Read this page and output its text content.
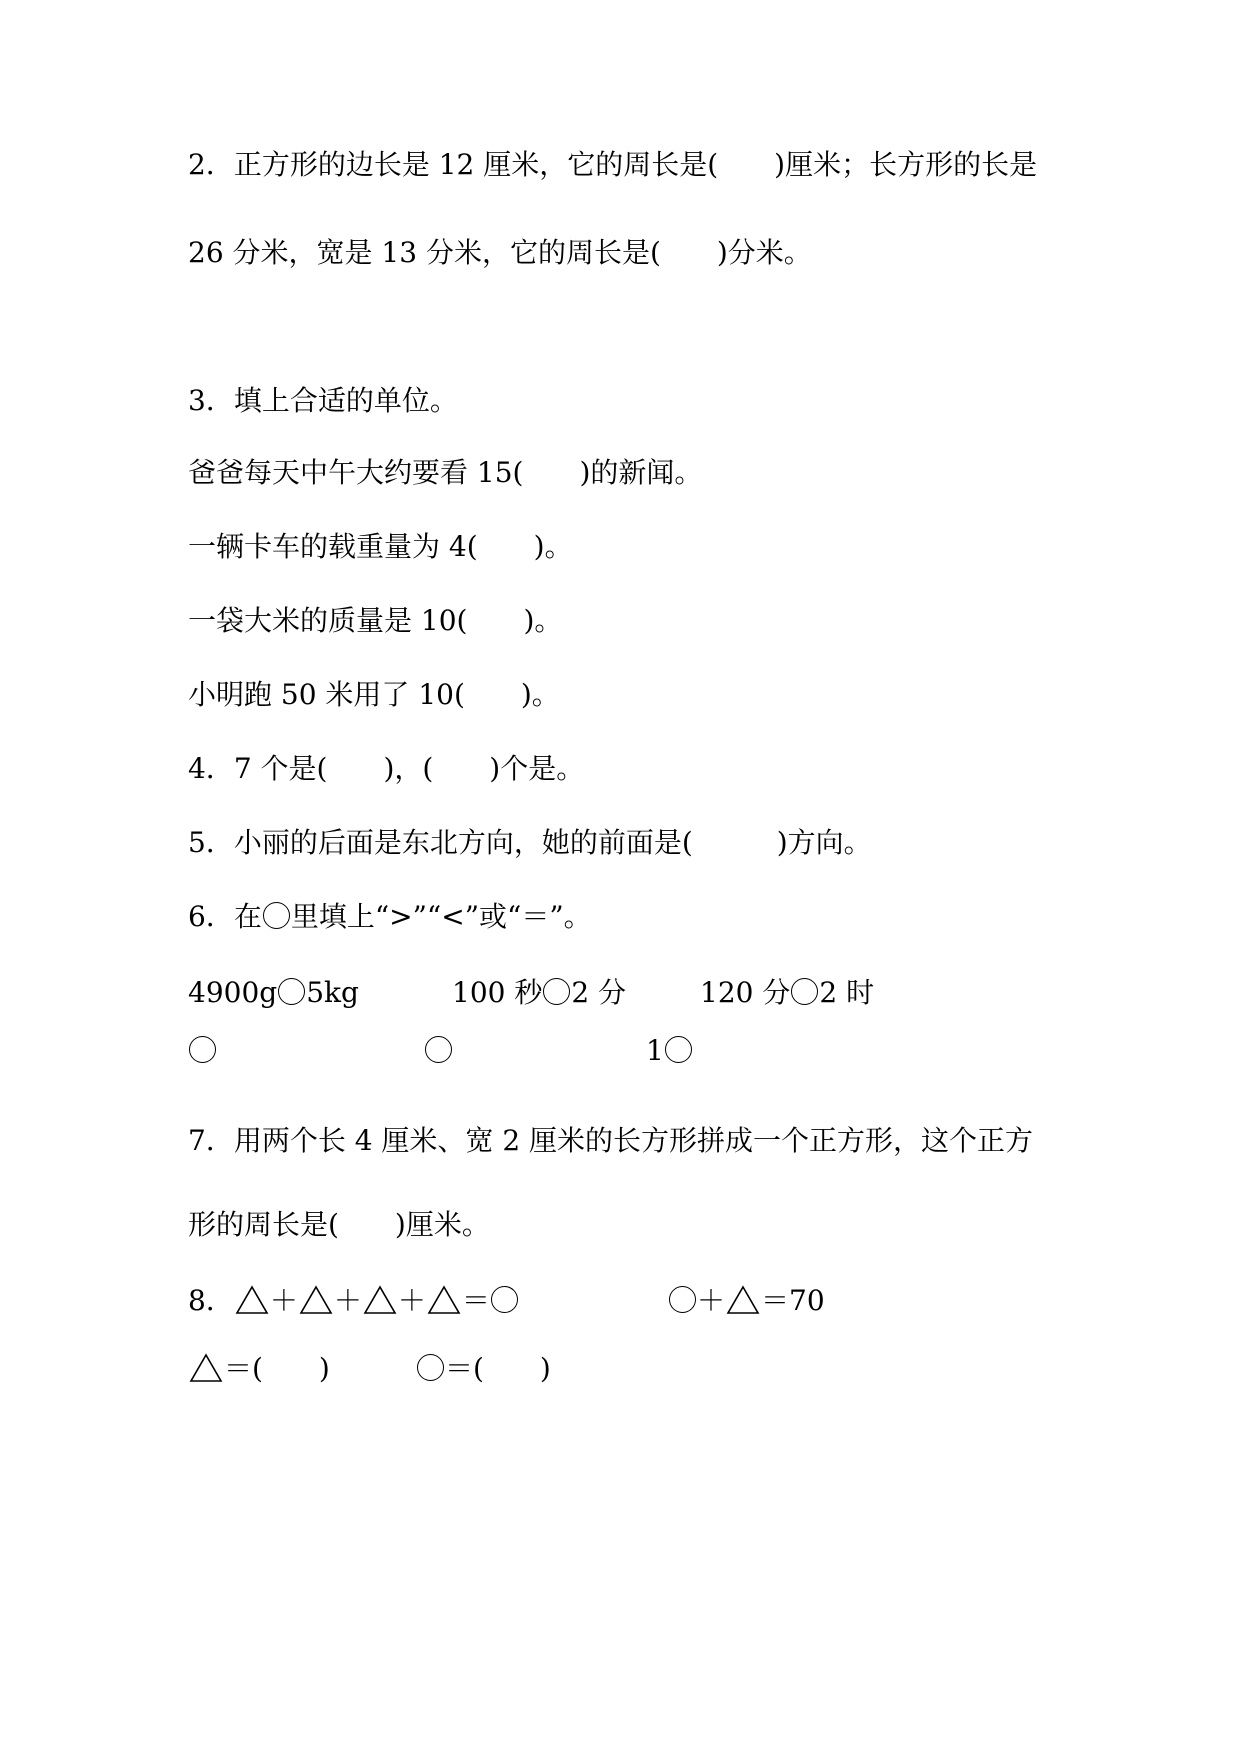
2．正方形的边长是 12 厘米，它的周长是(　　)厘米；长方形的长是
26 分米，宽是 13 分米，它的周长是(　　)分米。
3．填上合适的单位。
爸爸每天中午大约要看 15(　　)的新闻。
一辆卡车的载重量为 4(　　)。
一袋大米的质量是 10(　　)。
小明跑 50 米用了 10(　　)。
4．7 个是(　　)，(　　)个是。
5．小丽的后面是东北方向，她的前面是(　　　)方向。
6．在 里填上“>”“<”或“＝”。
4900g 5kg	100 秒 2 分	120 分 2 时
1
7．用两个长 4 厘米、宽 2 厘米的长方形拼成一个正方形，这个正方
形的周长是(　　)厘米。
8． ＋ ＋ ＋ ＝	＋ ＝70
＝(　　)	＝(　　)
